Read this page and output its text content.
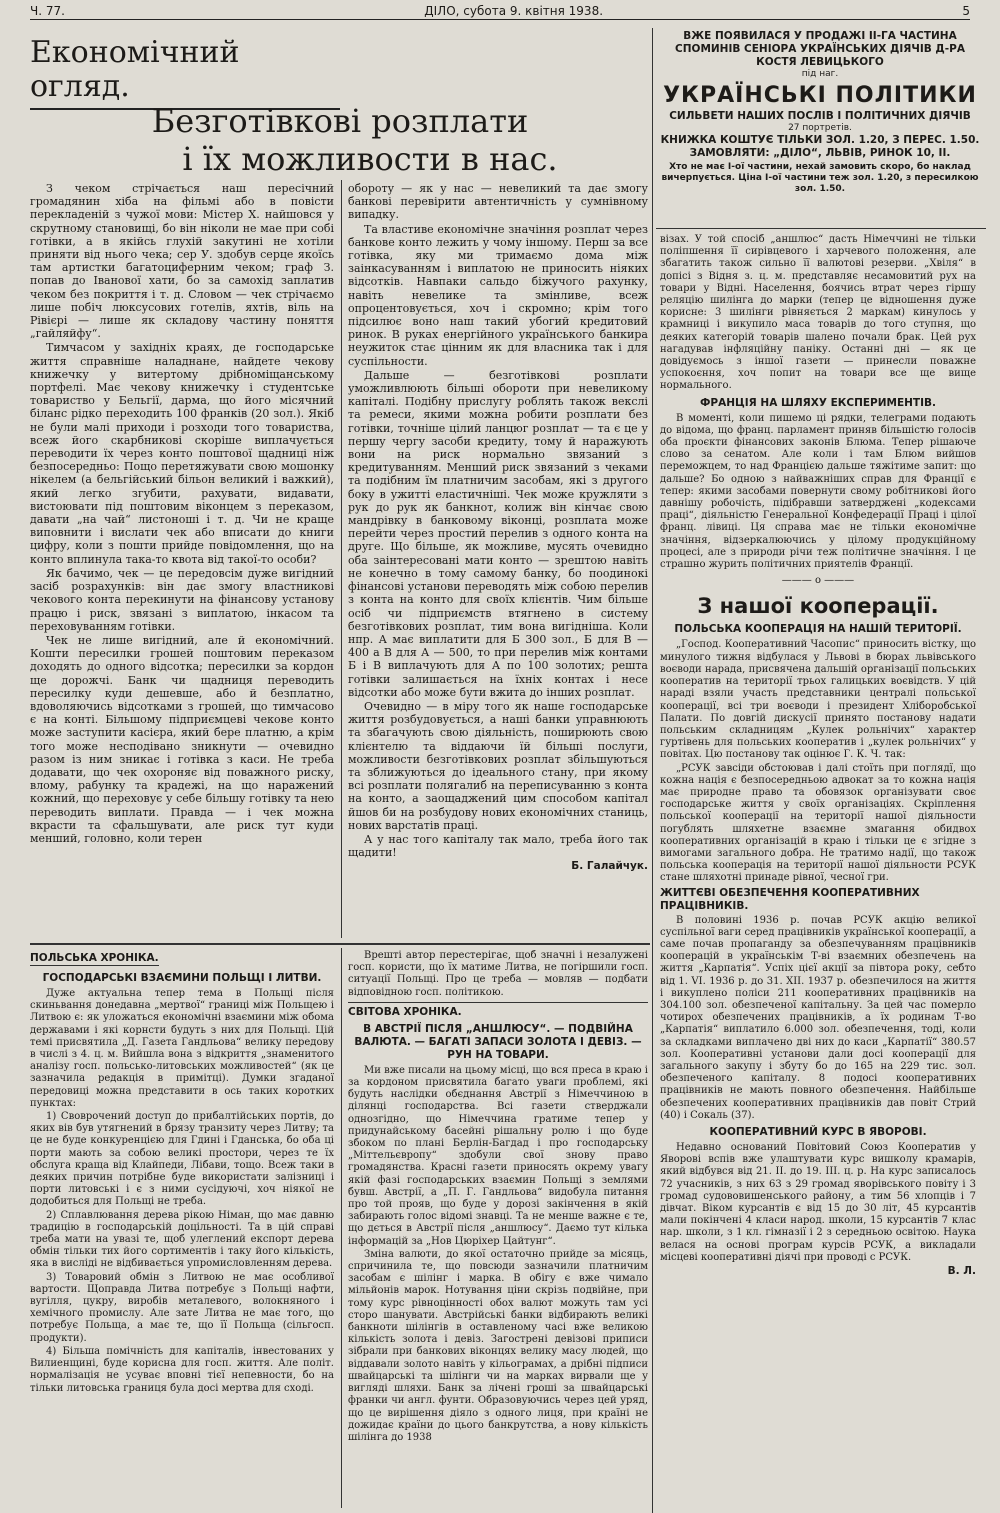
Ч. 77.	ДІЛО, субота 9. квітня 1938.	5
Економічний огляд.
Безготівкові розплати
і їх можливости в нас.
ВЖЕ ПОЯВИЛАСЯ У ПРОДАЖІ ІІ-ГА ЧАСТИНА СПОМИНІВ СЕНІОРА УКРАЇНСЬКИХ ДІЯЧІВ Д-РА КОСТЯ ЛЕВИЦЬКОГО
під наг.
УКРАЇНСЬКІ ПОЛІТИКИ
СИЛЬВЕТИ НАШИХ ПОСЛІВ І ПОЛІТИЧНИХ ДІЯЧІВ
27 портретів.
КНИЖКА КОШТУЄ ТІЛЬКИ ЗОЛ. 1.20, З ПЕРЕС. 1.50. ЗАМОВЛЯТИ: „ДІЛО“, ЛЬВІВ, РИНОК 10, ІІ.
Хто не має І-ої частини, нехай замовить скоро, бо наклад вичерпується. Ціна І-ої частини теж зол. 1.20, з пересилкою зол. 1.50.

З чеком стрічається наш пересічний громадянин хіба на фільмі або в повісти перекладеній з чужої мови: Містер Х. найшовся у скрутному становищі, бо він ніколи не мае при собі готівки, а в якійсь глухій закутині не хотіли приняти від нього чека; сер У. здобув серце якоїсь там артистки багатоциферним чеком; граф З. попав до Іванової хати, бо за самохід заплатив чеком без покриття і т. д. Словом — чек стрічаємо лише побіч люксусових готелів, яхтів, віль на Рівієрі — лише як складову частину поняття „гайляйфу“.

Тимчасом у західніх краях, де господарське життя справніше наладнане, найдете чекову книжечку у витертому дрібноміщанському портфелі. Має чекову книжечку і студентське товариство у Бельгії, дарма, що його місячний біланс рідко переходить 100 франків (20 зол.). Якіб не були малі приходи і розходи того товариства, всеж його скарбникові скоріше виплачується переводити їх через конто поштової щадниці ніж безпосередньо: Пощо перетяжувати свою мошонку нікелем (а бельгійський більон великий і важкий), який легко згубити, рахувати, видавати, вистоювати під поштовим віконцем з переказом, давати „на чай“ листоноші і т. д. Чи не краще виповнити і вислати чек або вписати до книги цифру, коли з пошти прийде повідомлення, що на конто вплинула така-то квота від такої-то особи?

Як бачимо, чек — це передовсім дуже вигідний засіб розрахунків: він дає змогу властникові чекового конта перекинути на фінансову установу працю і риск, звязані з виплатою, інкасом та переховуванням готівки.

Чек не лише вигідний, але й економічний. Кошти пересилки грошей поштовим переказом доходять до одного відсотка; пересилки за кордон ще дорожчі. Банк чи щадниця переводить пересилку куди дешевше, або й безплатно, вдоволяючись відсотками з грошей, що тимчасово є на конті. Більшому підприємцеві чекове конто може заступити касієра, який бере платню, а крім того може несподівано зникнути — очевидно разом із ним зникає і готівка з каси. Не треба додавати, що чек охороняє від поважного риску, влому, рабунку та крадежі, на що наражений кожний, що переховує у себе більшу готівку та нею переводить виплати. Правда — і чек можна вкрасти та сфальшувати, але риск тут куди менший, головно, коли терен

обороту — як у нас — невеликий та дає змогу банкові перевірити автентичність у сумнівному випадку.

Та властиве економічне значіння розплат через банкове конто лежить у чому іншому. Перш за все готівка, яку ми тримаємо дома між заінкасуванням і виплатою не приносить ніяких відсотків. Навпаки сальдо біжучого рахунку, навіть невелике та змінливе, всеж опроцентовується, хоч і скромно; крім того підсилює воно наш такий убогий кредитовий ринок. В руках енергійного українського банкира неужиток стає цінним як для власника так і для суспільности.

Дальше — безготівкові розплати уможливлюють більші обороти при невеликому капіталі. Подібну прислугу роблять також векслі та ремеси, якими можна робити розплати без готівки, точніше цілий ланцюг розплат — та є це у першу чергу засоби кредиту, тому й наражують вони на риск нормально звязаний з кредитуванням. Менший риск звязаний з чеками та подібним їм платничим засобам, які з другого боку в ужитті еластичніші. Чек може кружляти з рук до рук як банкнот, колиж він кінчає свою мандрівку в банковому віконці, розплата може перейти через простий перелив з одного конта на друге. Що більше, як можливе, мусять очевидно оба заінтересовані мати конто — зрештою навіть не конечно в тому самому банку, бо поодинокі фінансові установи переводять між собою перелив з конта на конто для своїх клієнтів. Чим більше осіб чи підприємств втягнено в систему безготівкових розплат, тим вона вигідніша. Коли нпр. А має виплатити для Б 300 зол., Б для В — 400 а В для А — 500, то при перелив між контами Б і В виплачують для А по 100 золотих; решта готівки залишається на їхніх контах і несе відсотки або може бути вжита до інших розплат.

Очевидно — в міру того як наше господарське життя розбудовується, а наші банки управнюють та збагачують свою діяльність, поширюють свою клієнтелю та віддаючи їй більші послуги, можливости безготівкових розплат збільшуються та зближуються до ідеального стану, при якому всі розплати полягалиб на переписуванню з конта на конто, а заощаджений цим способом капітал йшов би на розбудову нових економічних станиць, нових варстатів праці.

А у нас того капіталу так мало, треба його так щадити!

Б. Галайчук.

візах. У той спосіб „аншлюс“ дасть Німеччині не тільки поліпшення її сирівцевого і харчевого положення, але збагатить також сильно її валютові резерви. „Хвіля“ в допісі з Відня з. ц. м. представляє несамовитий рух на товари у Відні. Населення, боячись втрат через гіршу реляцію шилінга до марки (тепер це відношення дуже корисне: 3 шилінги рівняється 2 маркам) кинулось у крамниці і викупило маса товарів до того ступня, що деяких категорій товарів шалено почали брак. Цей рух нагадував інфляційну паніку. Останні дні — як це довідуємось з іншої газети — принесли поважне успокоєння, хоч попит на товари все ще вище нормального.

ФРАНЦІЯ НА ШЛЯХУ ЕКСПЕРИМЕНТІВ.

В моменті, коли пишемо ці рядки, телеграми подають до відома, що франц. парламент приняв більшістю голосів оба проєкти фінансових законів Блюма. Тепер рішаюче слово за сенатом. Але коли і там Блюм вийшов переможцем, то над Францією дальше тяжітиме запит: що дальше? Бо одною з найважніших справ для Франції є тепер: якими засобами повернути свому робітникові його давнішу робочість, підібравши затверджені „кодексами праці“, діяльністю Генеральної Конфедерації Праці і цілої франц. лівиці. Ця справа має не тільки економічне значіння, відзеркалюючись у цілому продукційному процесі, але з природи річи теж політичне значіння. І це страшно журить політичних приятелів Франції.

——— o ———
З нашої кооперації.
ПОЛЬСЬКА КООПЕРАЦІЯ НА НАШІЙ ТЕРИТОРІЇ.

„Господ. Кооперативний Часопис“ приносить вістку, що минулого тижня відбулася у Львові в бюрах львівського воєводи нарада, присвячена дальшій організації польських кооператив на території трьох галицьких воєвідств. У цій нараді взяли участь представники централі польської кооперації, всі три воєводи і президент Хліборобської Палати. По довгій дискусії принято постанову надати польським складницям „Кулек рольнічих“ характер гуртівень для польських кооператив і „кулек рольнічих“ у повітах. Цю постанову так оцінює Г. К. Ч. так:

„РСУК завсіди обстоював і далі стоїть при поглядї, що кожна нація є безпосередньою адвокат за то кожна нація має природне право та обовязок організувати своє господарське життя у своїх організаціях. Скріплення польської кооперації на території нашої діяльности погублять шляхетне взаємне змагання обидвох кооперативних організацій в краю і тільки це є згідне з вимогами загального добра. Не тратимо надії, що також польська кооперація на території нашої діяльности РСУК стане шляхотні принаде рівної, чесної гри.

ЖИТТЄВІ ОБЕЗПЕЧЕННЯ КООПЕРАТИВНИХ ПРАЦІВНИКІВ.

В половині 1936 р. почав РСУК акцію великої суспільної ваги серед працівників української кооперації, а саме почав пропаганду за обезпечуванням працівників кооперацій в українськім Т-ві взаємних обезпечень на життя „Карпатія“. Успіх цієї акції за півтора року, себто від 1. VI. 1936 р. до 31. XII. 1937 р. обезпечилося на життя і викуплено поліси 211 кооперативних працівників на 304.100 зол. обезпеченої капітальну. За цей час померло чотирох обезпечених працівників, а їх родинам Т-во „Карпатія“ виплатило 6.000 зол. обезпечення, тоді, коли за складками виплачено дві них до каси „Карпатії“ 380.57 зол. Кооперативні установи дали досі кооперації для загального закупу і збуту бо до 165 на 229 тис. зол. обезпеченого капіталу. 8 подосі кооперативних працівників не мають повного обезпечення. Найбільше обезпечених кооперативних працівників дав повіт Стрий (40) і Сокаль (37).

КООПЕРАТИВНИЙ КУРС В ЯВОРОВІ.

Недавно оснований Повітовий Союз Кооператив у Яворові вспів вже улаштувати курс вишколу крамарів, який відбувся від 21. II. до 19. III. ц. р. На курс записалось 72 учасників, з них 63 з 29 громад яворівського повіту і 3 громад судововишенського району, а тим 56 хлопців і 7 дівчат. Віком курсантів є від 15 до 30 літ, 45 курсантів мали покінчені 4 класи народ. школи, 15 курсантів 7 клас нар. школи, з 1 кл. гімназії і 2 з середньою освітою. Наука велася на основі програм курсів РСУК, а викладали місцеві кооперативні діячі при проводі с РСУК.

В. Л.
ПОЛЬСЬКА ХРОНІКА.
ГОСПОДАРСЬКІ ВЗАЄМИНИ ПОЛЬЩІ І ЛИТВИ.

Дуже актуальна тепер тема в Польщі після скиньвання донедавна „мертвої“ границі між Польщею і Литвою є: як уложаться економічні взаємини між обома державами і які корнсти будуть з них для Польщі. Цій темі присвятила „Д. Газета Гандльова“ велику передову в числі з 4. ц. м. Вийшла вона з відкриття „знаменитого аналізу госп. польсько-литовських можливостей“ (як це зазначила редакція в примітці). Думки згаданої передовиці можна представити в ось таких коротких пунктах:

1) Своврочений доступ до прибалтійських портів, до яких вів був утягнений в брязу транзиту через Литву; та це не буде конкуренцією для Гдині і Гданська, бо оба ці порти мають за собою великі простори, через те їх обслуга краща від Клайпеди, Лібави, тощо. Всеж таки в деяких причин потрібне буде використати залізниці і порти литовські і є з ними сусідуючі, хоч ніякої не додобиться для Польщі не треба.

2) Сплавлювання дерева рікою Німан, що має давню традицію в господарській доцільності. Та в цій справі треба мати на увазі те, щоб улеглений експорт дерева обмін тільки тих його сортиментів і таку його кількість, яка в висліді не відбивається упромисловленням дерева.

3) Товаровий обмін з Литвою не має особливої вартости. Щоправда Литва потребує з Польщі нафти, вугілля, цукру, виробів металевого, волокняного і хемічного промислу. Але зате Литва не має того, що потребує Польща, а має те, що її Польща (сільгосп. продукти).

4) Більша помічність для капіталів, інвестованих у Вилиенщині, буде корисна для госп. життя. Але політ. нормалізація не усуває вповні тієї непевности, бо на тільки литовська границя була досі мертва для сході.

Врешті автор перестерігає, щоб значні і незалужені госп. користи, що їх матиме Литва, не погіршили госп. ситуації Польщі. Про це треба — мовляв — подбати відповідною госп. політикою.

СВІТОВА ХРОНІКА.
В АВСТРІЇ ПІСЛЯ „АНШЛЮСУ“. — ПОДВІЙНА ВАЛЮТА. — БАГАТІ ЗАПАСИ ЗОЛОТА І ДЕВІЗ. — РУН НА ТОВАРИ.

Ми вже писали на цьому місці, що вся преса в краю і за кордоном присвятила багато уваги проблемі, які будуть наслідки обєднання Австрії з Німеччиною в ділянці господарства. Всі газети стверджали однозгідно, що Німеччина гратиме тепер у придунайському басейні рішальну ролю і що буде збоком по плані Берлін-Багдад і про господарську „Міттельєвропу“ здобули свої знову право громадянства. Красні газети приносять окрему увагу якій фазі господарських взаємин Польщі з землями бувш. Австрії, а „П. Г. Гандльова“ видобула питання про той прояв, що буде у дорозі закінчення в якій забирають голос відомі знавці. Та не менше важне є те, що дється в Австрії після „аншлюсу“. Даємо тут кілька інформацій за „Нов Цюріхер Цайтунг“.

Зміна валюти, до якої остаточно прийде за місяць, спричинила те, що повсюди зазначили платничим засобам є шілінг і марка. В обігу є вже чимало мільйонів марок. Нотування ціни скрізь подвійне, при тому курс рівноцінності обох валют можуть там усі сторо шанувати. Австрійські банки відбирають великі банкноти шілінгів в оставленому часі вже великою кількість золота і девіз. Загострені девізові приписи зібрали при банкових віконцях велику масу людей, що віддавали золото навіть у кільограмах, а дрібні підписи швайцарські та шілінги чи на марках вирвали ще у вигляді шляхи. Банк за лічені гроші за швайцарські франки чи англ. фунти. Образовуючись через цей уряд, що це вирішення діяло з одного лиця, при країні не дожидає країни до цього банкрутства, а нову кількість шілінга до 1938
